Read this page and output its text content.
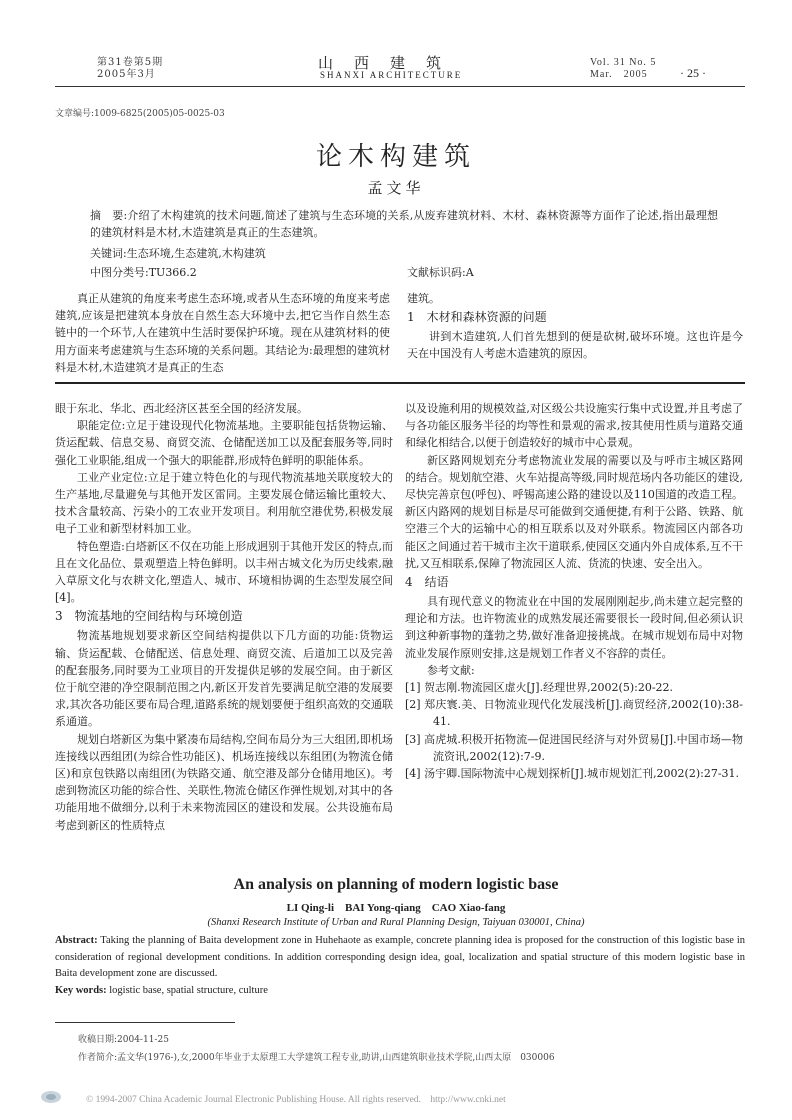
第31卷第5期
2005年3月
山　西　建　筑
SHANXI ARCHITECTURE
Vol. 31 No. 5
Mar.　2005	· 25 ·
文章编号:1009-6825(2005)05-0025-03
论木构建筑
孟文华
摘　要:介绍了木构建筑的技术问题,简述了建筑与生态环境的关系,从废弃建筑材料、木材、森林资源等方面作了论述,指出最理想的建筑材料是木材,木造建筑是真正的生态建筑。
关键词:生态环境,生态建筑,木构建筑
中图分类号:TU366.2	文献标识码:A

真正从建筑的角度来考虑生态环境,或者从生态环境的角度来考虑建筑,应该是把建筑本身放在自然生态大环境中去,把它当作自然生态链中的一个环节,人在建筑中生活时要保护环境。现在从建筑材料的使用方面来考虑建筑与生态环境的关系问题。其结论为:最理想的建筑材料是木材,木造建筑才是真正的生态

建筑。
1　木材和森林资源的问题

讲到木造建筑,人们首先想到的便是砍树,破坏环境。这也许是今天在中国没有人考虑木造建筑的原因。

眼于东北、华北、西北经济区甚至全国的经济发展。

职能定位:立足于建设现代化物流基地。主要职能包括货物运输、货运配载、信息交易、商贸交流、仓储配送加工以及配套服务等,同时强化工业职能,组成一个强大的职能群,形成特色鲜明的职能体系。

工业产业定位:立足于建立特色化的与现代物流基地关联度较大的生产基地,尽量避免与其他开发区雷同。主要发展仓储运输比重较大、技术含量较高、污染小的工农业开发项目。利用航空港优势,积极发展电子工业和新型材料加工业。

特色塑造:白塔新区不仅在功能上形成迥别于其他开发区的特点,而且在文化品位、景观塑造上特色鲜明。以丰州古城文化为历史线索,融入草原文化与农耕文化,塑造人、城市、环境相协调的生态型发展空间[4]。

3　物流基地的空间结构与环境创造

物流基地规划要求新区空间结构提供以下几方面的功能:货物运输、货运配载、仓储配送、信息处理、商贸交流、后道加工以及完善的配套服务,同时要为工业项目的开发提供足够的发展空间。由于新区位于航空港的净空限制范围之内,新区开发首先要满足航空港的发展要求,其次各功能区要布局合理,道路系统的规划要便于组织高效的交通联系通道。

规划白塔新区为集中紧凑布局结构,空间布局分为三大组团,即机场连接线以西组团(为综合性功能区)、机场连接线以东组团(为物流仓储区)和京包铁路以南组团(为铁路交通、航空港及部分仓储用地区)。考虑到物流区功能的综合性、关联性,物流仓储区作弹性规划,对其中的各功能用地不做细分,以利于未来物流园区的建设和发展。公共设施布局考虑到新区的性质特点

以及设施利用的规模效益,对区级公共设施实行集中式设置,并且考虑了与各功能区服务半径的均等性和景观的需求,按其使用性质与道路交通和绿化相结合,以便于创造较好的城市中心景观。

新区路网规划充分考虑物流业发展的需要以及与呼市主城区路网的结合。规划航空港、火车站提高等级,同时规范场内各功能区的建设,尽快完善京包(呼包)、呼锡高速公路的建设以及110国道的改造工程。新区内路网的规划目标是尽可能做到交通便捷,有利于公路、铁路、航空港三个大的运输中心的相互联系以及对外联系。物流园区内部各功能区之间通过若干城市主次干道联系,使园区交通内外自成体系,互不干扰,又互相联系,保障了物流园区人流、货流的快速、安全出入。

4　结语

具有现代意义的物流业在中国的发展刚刚起步,尚未建立起完整的理论和方法。也许物流业的成熟发展还需要很长一段时间,但必须认识到这种新事物的蓬勃之势,做好准备迎接挑战。在城市规划布局中对物流业发展作原则安排,这是规划工作者义不容辞的责任。

参考文献:
[1] 贺志刚.物流园区虚火[J].经理世界,2002(5):20-22.
[2] 郑庆寰.美、日物流业现代化发展浅析[J].商贸经济,2002(10):38-41.
[3] 高虎城.积极开拓物流—促进国民经济与对外贸易[J].中国市场—物流资讯,2002(12):7-9.
[4] 汤宇卿.国际物流中心规划探析[J].城市规划汇刊,2002(2):27-31.
An analysis on planning of modern logistic base
LI Qing-li　BAI Yong-qiang　CAO Xiao-fang
(Shanxi Research Institute of Urban and Rural Planning Design, Taiyuan 030001, China)
Abstract: Taking the planning of Baita development zone in Huhehaote as example, concrete planning idea is proposed for the construction of this logistic base in consideration of regional development conditions. In addition corresponding design idea, goal, localization and spatial structure of this modern logistic base in Baita development zone are discussed.
Key words: logistic base, spatial structure, culture
收稿日期:2004-11-25
作者简介:孟文华(1976-),女,2000年毕业于太原理工大学建筑工程专业,助讲,山西建筑职业技术学院,山西太原　030006
© 1994-2007 China Academic Journal Electronic Publishing House. All rights reserved.　http://www.cnki.net
